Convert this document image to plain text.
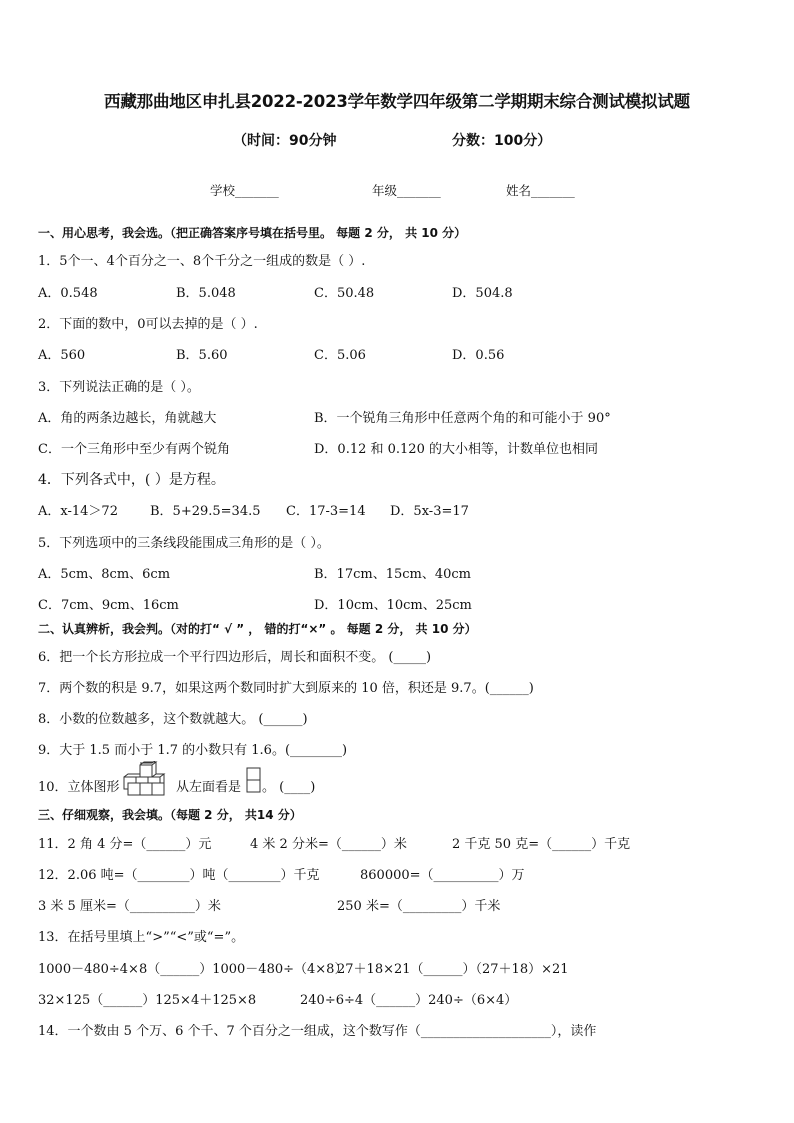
西藏那曲地区申扎县2022-2023学年数学四年级第二学期期末综合测试模拟试题
（时间：90分钟	分数：100分）
学校_______	年级_______	姓名_______
一、用心思考，我会选。（把正确答案序号填在括号里。 每题 2 分， 共 10 分）
1．5个一、4个百分之一、8个千分之一组成的数是（ ）.
A．0.548	B．5.048	C．50.48	D．504.8
2．下面的数中，0可以去掉的是（ ）.
A．560	B．5.60	C．5.06	D．0.56
3．下列说法正确的是（ ）。
A．角的两条边越长，角就越大	B．一个锐角三角形中任意两个角的和可能小于 90°
C．一个三角形中至少有两个锐角	D．0.12 和 0.120 的大小相等，计数单位也相同
4．下列各式中，( ）是方程。
A．x-14＞72 B．5+29.5=34.5 C．17-3=14 D．5x-3=17
5．下列选项中的三条线段能围成三角形的是（ ）。
A．5cm、8cm、6cm	B．17cm、15cm、40cm
C．7cm、9cm、16cm	D．10cm、10cm、25cm
二、认真辨析，我会判。（对的打“ √ ” ， 错的打“×” 。 每题 2 分， 共 10 分）
6．把一个长方形拉成一个平行四边形后，周长和面积不变。 (_____)
7．两个数的积是 9.7，如果这两个数同时扩大到原来的 10 倍，积还是 9.7。(______)
8．小数的位数越多，这个数就越大。 (______)
9．大于 1.5 而小于 1.7 的小数只有 1.6。(________)
10．立体图形	从左面看是 。 (____)
三、仔细观察，我会填。（每题 2 分， 共14 分）
11．2 角 4 分=（______）元	4 米 2 分米=（______）米	2 千克 50 克=（______）千克
12．2.06 吨=（________）吨（________）千克	860000=（__________）万
3 米 5 厘米=（__________）米	250 米=（_________）千米
13．在括号里填上“>”“<”或“=”。
1000－480÷4×8（______）1000－480÷（4×8）
27＋18×21（______）（27＋18）×21
32×125（______）125×4＋125×8	240÷6÷4（______）240÷（6×4）
14．一个数由 5 个万、6 个千、7 个百分之一组成，这个数写作（____________________），读作
